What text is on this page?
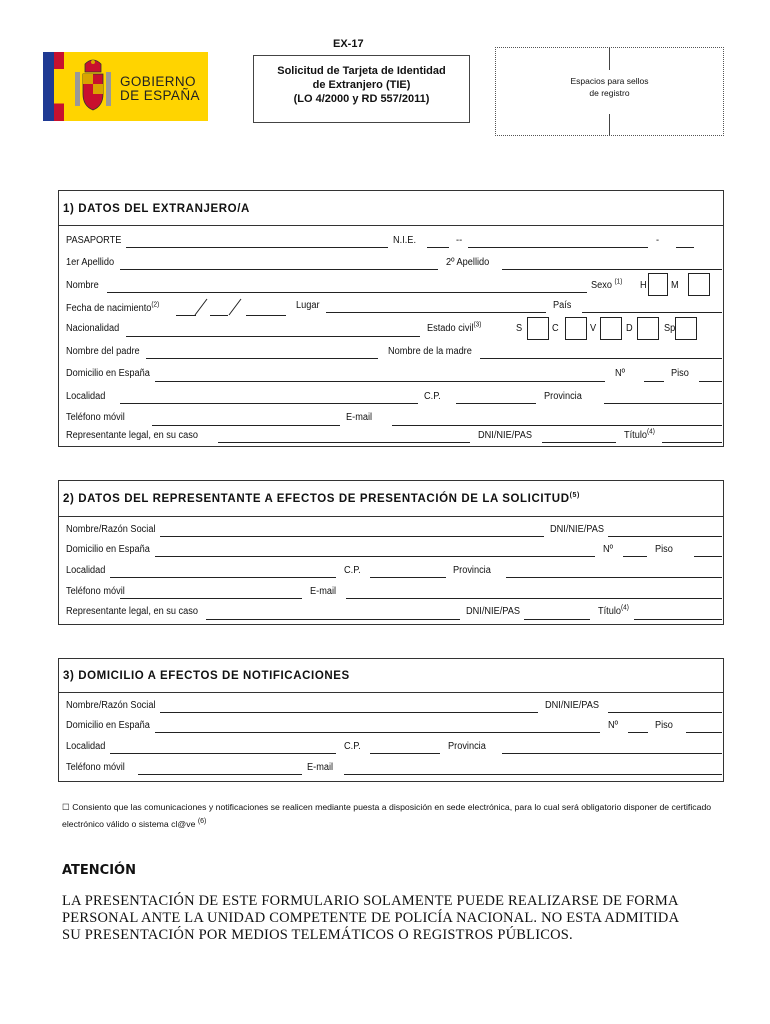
EX-17
GOBIERNO
DE ESPAÑA
Solicitud de Tarjeta de Identidad
de Extranjero (TIE)
(LO 4/2000 y RD 557/2011)
Espacios para sellos
de registro
1) DATOS DEL EXTRANJERO/A
PASAPORTE	N.I.E.	--	-
1er Apellido	2º Apellido
Nombre	Sexo $^{(1)}$ H M
Fecha de nacimiento$^{(2)}$	Lugar	País
Nacionalidad	Estado civil$^{(3)}$	S	C	V	D	Sp
Nombre del padre	Nombre de la madre
Domicilio en España	Nº	Piso
Localidad	C.P.	Provincia
Teléfono móvil	E-mail
Representante legal, en su caso	DNI/NIE/PAS	Título$^{(4)}$
2) DATOS DEL REPRESENTANTE A EFECTOS DE PRESENTACIÓN DE LA SOLICITUD$^{(5)}$
Nombre/Razón Social	DNI/NIE/PAS
Domicilio en España	Nº	Piso
Localidad	C.P.	Provincia
Teléfono móvil	E-mail
Representante legal, en su caso	DNI/NIE/PAS	Título$^{(4)}$
3) DOMICILIO A EFECTOS DE NOTIFICACIONES
Nombre/Razón Social	DNI/NIE/PAS
Domicilio en España	Nº	Piso
Localidad	C.P.	Provincia
Teléfono móvil	E-mail
☐ Consiento que las comunicaciones y notificaciones se realicen mediante puesta a disposición en sede electrónica, para lo cual será obligatorio disponer de certificado
electrónico válido o sistema cl@ve $^{(6)}$
ATENCIÓN
LA PRESENTACIÓN DE ESTE FORMULARIO SOLAMENTE PUEDE REALIZARSE DE FORMA
PERSONAL ANTE LA UNIDAD COMPETENTE DE POLICÍA NACIONAL. NO ESTA ADMITIDA
SU PRESENTACIÓN POR MEDIOS TELEMÁTICOS O REGISTROS PÚBLICOS.
